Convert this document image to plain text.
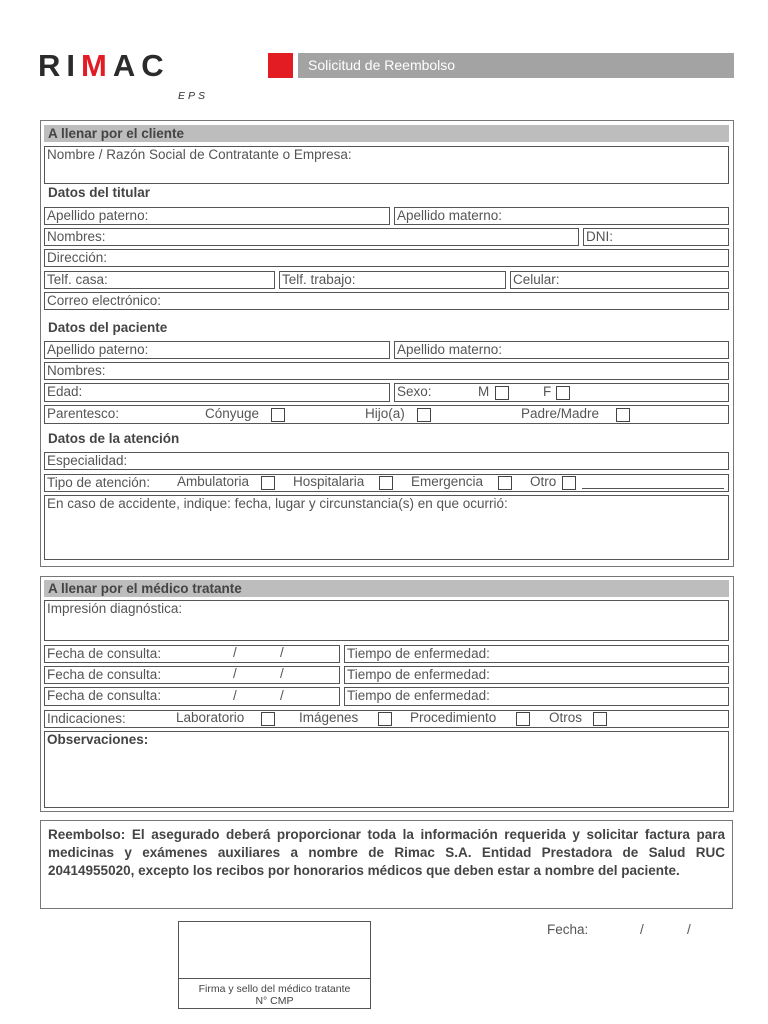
RIMAC
EPS
Solicitud de Reembolso
A llenar por el cliente
Nombre / Razón Social de Contratante o Empresa:
Datos del titular
Apellido paterno:	Apellido materno:
Nombres:	DNI:
Dirección:
Telf. casa:	Telf. trabajo:	Celular:
Correo electrónico:
Datos del paciente
Apellido paterno:	Apellido materno:
Nombres:
Edad:	Sexo:	M	F
Parentesco:	Cónyuge	Hijo(a)	Padre/Madre
Datos de la atención
Especialidad:
Tipo de atención:	Ambulatoria	Hospitalaria	Emergencia	Otro
En caso de accidente, indique: fecha, lugar y circunstancia(s) en que ocurrió:
A llenar por el médico tratante
Impresión diagnóstica:
Fecha de consulta:	/	/	Tiempo de enfermedad:
Fecha de consulta:	/	/	Tiempo de enfermedad:
Fecha de consulta:	/	/	Tiempo de enfermedad:
Indicaciones:	Laboratorio	Imágenes	Procedimiento	Otros
Observaciones:
Reembolso: El asegurado deberá proporcionar toda la información requerida y solicitar factura para medicinas y exámenes auxiliares a nombre de Rimac S.A. Entidad Prestadora de Salud RUC 20414955020, excepto los recibos por honorarios médicos que deben estar a nombre del paciente.
Firma y sello del médico tratante
N° CMP
Fecha:	/	/
